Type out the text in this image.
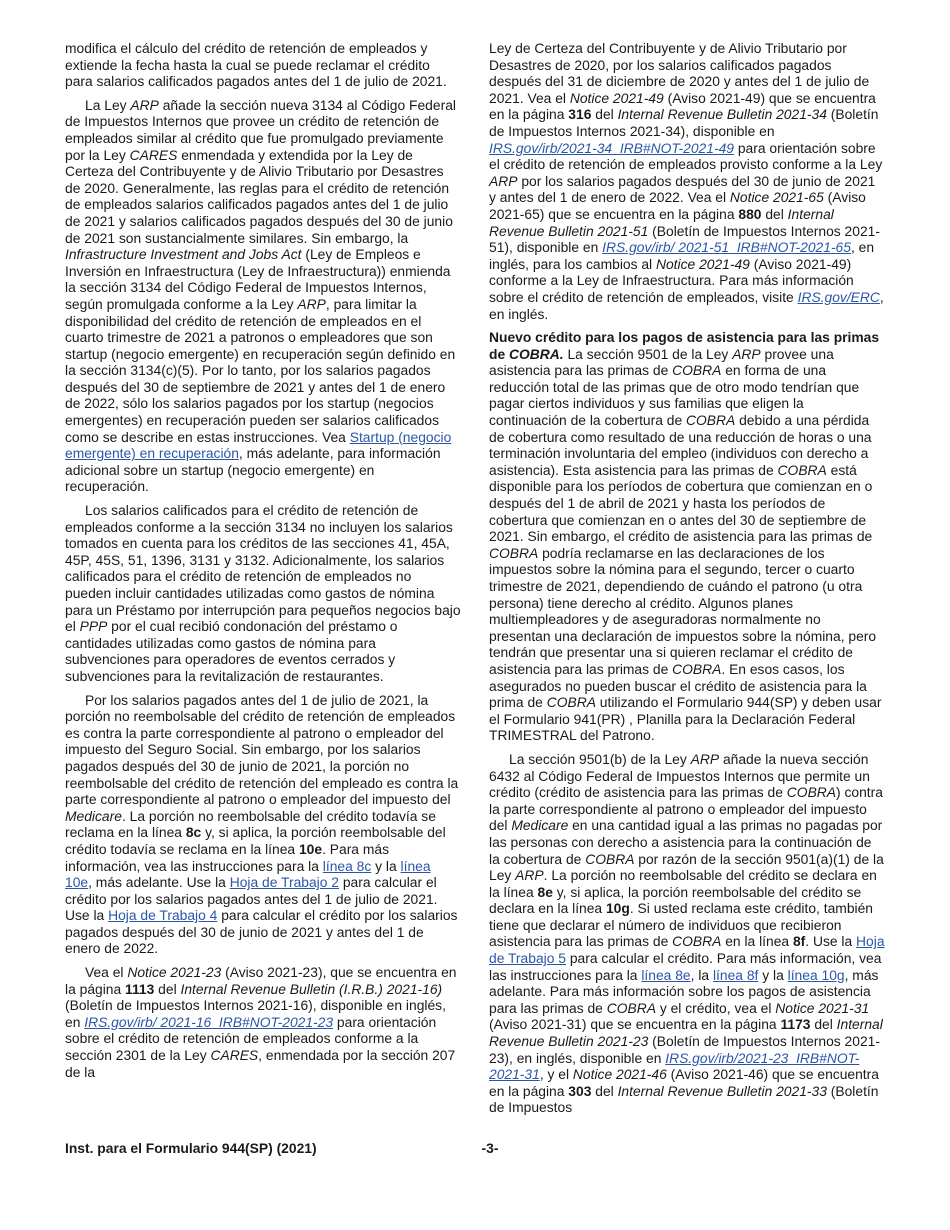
modifica el cálculo del crédito de retención de empleados y extiende la fecha hasta la cual se puede reclamar el crédito para salarios calificados pagados antes del 1 de julio de 2021.

La Ley ARP añade la sección nueva 3134 al Código Federal de Impuestos Internos que provee un crédito de retención de empleados similar al crédito que fue promulgado previamente por la Ley CARES enmendada y extendida por la Ley de Certeza del Contribuyente y de Alivio Tributario por Desastres de 2020. Generalmente, las reglas para el crédito de retención de empleados salarios calificados pagados antes del 1 de julio de 2021 y salarios calificados pagados después del 30 de junio de 2021 son sustancialmente similares. Sin embargo, la Infrastructure Investment and Jobs Act (Ley de Empleos e Inversión en Infraestructura (Ley de Infraestructura)) enmienda la sección 3134 del Código Federal de Impuestos Internos, según promulgada conforme a la Ley ARP, para limitar la disponibilidad del crédito de retención de empleados en el cuarto trimestre de 2021 a patronos o empleadores que son startup (negocio emergente) en recuperación según definido en la sección 3134(c)(5). Por lo tanto, por los salarios pagados después del 30 de septiembre de 2021 y antes del 1 de enero de 2022, sólo los salarios pagados por los startup (negocios emergentes) en recuperación pueden ser salarios calificados como se describe en estas instrucciones. Vea Startup (negocio emergente) en recuperación, más adelante, para información adicional sobre un startup (negocio emergente) en recuperación.

Los salarios calificados para el crédito de retención de empleados conforme a la sección 3134 no incluyen los salarios tomados en cuenta para los créditos de las secciones 41, 45A, 45P, 45S, 51, 1396, 3131 y 3132. Adicionalmente, los salarios calificados para el crédito de retención de empleados no pueden incluir cantidades utilizadas como gastos de nómina para un Préstamo por interrupción para pequeños negocios bajo el PPP por el cual recibió condonación del préstamo o cantidades utilizadas como gastos de nómina para subvenciones para operadores de eventos cerrados y subvenciones para la revitalización de restaurantes.

Por los salarios pagados antes del 1 de julio de 2021, la porción no reembolsable del crédito de retención de empleados es contra la parte correspondiente al patrono o empleador del impuesto del Seguro Social. Sin embargo, por los salarios pagados después del 30 de junio de 2021, la porción no reembolsable del crédito de retención del empleado es contra la parte correspondiente al patrono o empleador del impuesto del Medicare. La porción no reembolsable del crédito todavía se reclama en la línea 8c y, si aplica, la porción reembolsable del crédito todavía se reclama en la línea 10e. Para más información, vea las instrucciones para la línea 8c y la línea 10e, más adelante. Use la Hoja de Trabajo 2 para calcular el crédito por los salarios pagados antes del 1 de julio de 2021. Use la Hoja de Trabajo 4 para calcular el crédito por los salarios pagados después del 30 de junio de 2021 y antes del 1 de enero de 2022.

Vea el Notice 2021-23 (Aviso 2021-23), que se encuentra en la página 1113 del Internal Revenue Bulletin (I.R.B.) 2021-16) (Boletín de Impuestos Internos 2021-16), disponible en inglés, en IRS.gov/irb/ 2021-16_IRB#NOT-2021-23 para orientación sobre el crédito de retención de empleados conforme a la sección 2301 de la Ley CARES, enmendada por la sección 207 de la

Ley de Certeza del Contribuyente y de Alivio Tributario por Desastres de 2020, por los salarios calificados pagados después del 31 de diciembre de 2020 y antes del 1 de julio de 2021. Vea el Notice 2021-49 (Aviso 2021-49) que se encuentra en la página 316 del Internal Revenue Bulletin 2021-34 (Boletín de Impuestos Internos 2021-34), disponible en IRS.gov/irb/2021-34_IRB#NOT-2021-49 para orientación sobre el crédito de retención de empleados provisto conforme a la Ley ARP por los salarios pagados después del 30 de junio de 2021 y antes del 1 de enero de 2022. Vea el Notice 2021-65 (Aviso 2021-65) que se encuentra en la página 880 del Internal Revenue Bulletin 2021-51 (Boletín de Impuestos Internos 2021-51), disponible en IRS.gov/irb/ 2021-51_IRB#NOT-2021-65, en inglés, para los cambios al Notice 2021-49 (Aviso 2021-49) conforme a la Ley de Infraestructura. Para más información sobre el crédito de retención de empleados, visite IRS.gov/ERC, en inglés.

Nuevo crédito para los pagos de asistencia para las primas de COBRA. La sección 9501 de la Ley ARP provee una asistencia para las primas de COBRA en forma de una reducción total de las primas que de otro modo tendrían que pagar ciertos individuos y sus familias que eligen la continuación de la cobertura de COBRA debido a una pérdida de cobertura como resultado de una reducción de horas o una terminación involuntaria del empleo (individuos con derecho a asistencia). Esta asistencia para las primas de COBRA está disponible para los períodos de cobertura que comienzan en o después del 1 de abril de 2021 y hasta los períodos de cobertura que comienzan en o antes del 30 de septiembre de 2021. Sin embargo, el crédito de asistencia para las primas de COBRA podría reclamarse en las declaraciones de los impuestos sobre la nómina para el segundo, tercer o cuarto trimestre de 2021, dependiendo de cuándo el patrono (u otra persona) tiene derecho al crédito. Algunos planes multiempleadores y de aseguradoras normalmente no presentan una declaración de impuestos sobre la nómina, pero tendrán que presentar una si quieren reclamar el crédito de asistencia para las primas de COBRA. En esos casos, los asegurados no pueden buscar el crédito de asistencia para la prima de COBRA utilizando el Formulario 944(SP) y deben usar el Formulario 941(PR) , Planilla para la Declaración Federal TRIMESTRAL del Patrono.

La sección 9501(b) de la Ley ARP añade la nueva sección 6432 al Código Federal de Impuestos Internos que permite un crédito (crédito de asistencia para las primas de COBRA) contra la parte correspondiente al patrono o empleador del impuesto del Medicare en una cantidad igual a las primas no pagadas por las personas con derecho a asistencia para la continuación de la cobertura de COBRA por razón de la sección 9501(a)(1) de la Ley ARP. La porción no reembolsable del crédito se declara en la línea 8e y, si aplica, la porción reembolsable del crédito se declara en la línea 10g. Si usted reclama este crédito, también tiene que declarar el número de individuos que recibieron asistencia para las primas de COBRA en la línea 8f. Use la Hoja de Trabajo 5 para calcular el crédito. Para más información, vea las instrucciones para la línea 8e, la línea 8f y la línea 10g, más adelante. Para más información sobre los pagos de asistencia para las primas de COBRA y el crédito, vea el Notice 2021-31 (Aviso 2021-31) que se encuentra en la página 1173 del Internal Revenue Bulletin 2021-23 (Boletín de Impuestos Internos 2021-23), en inglés, disponible en IRS.gov/irb/2021-23_IRB#NOT-2021-31, y el Notice 2021-46 (Aviso 2021-46) que se encuentra en la página 303 del Internal Revenue Bulletin 2021-33 (Boletín de Impuestos

Inst. para el Formulario 944(SP) (2021)	-3-
